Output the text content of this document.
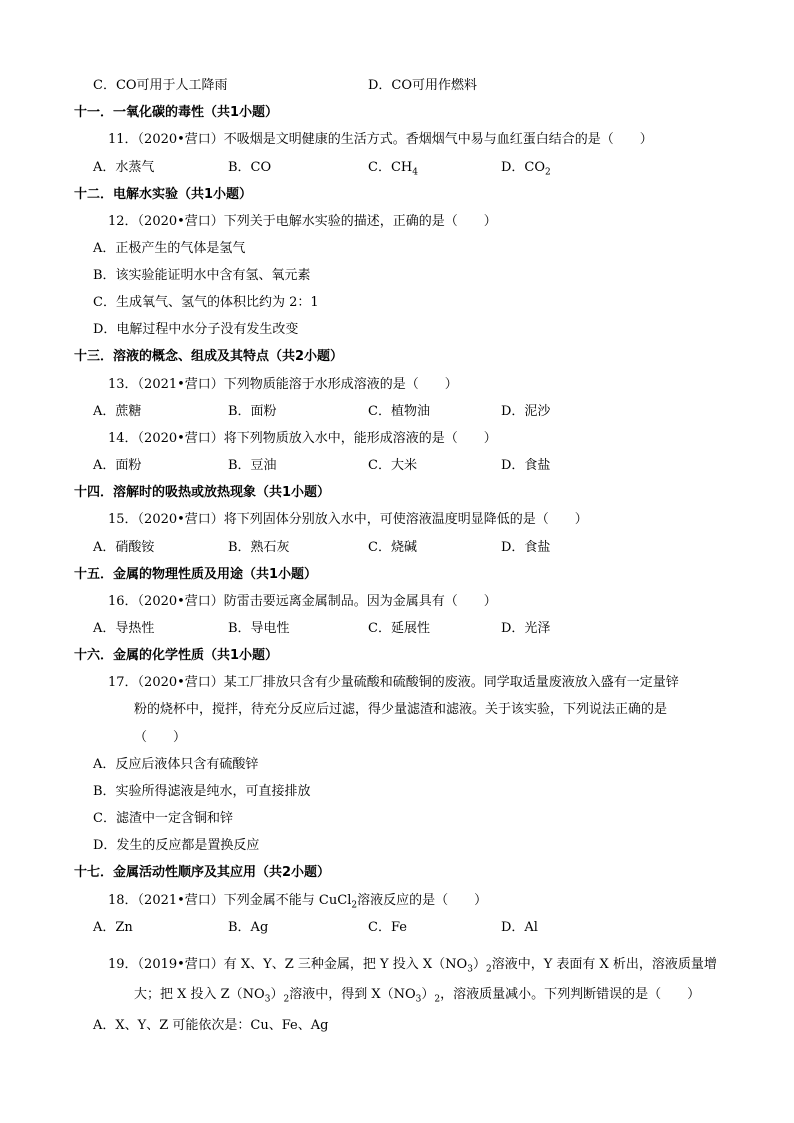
C．CO可用于人工降雨	D．CO可用作燃料
十一．一氧化碳的毒性（共1小题）
11．（2020•营口）不吸烟是文明健康的生活方式。香烟烟气中易与血红蛋白结合的是（　　）
A．水蒸气	B．CO	C．$CH_4$	D．$CO_2$
十二．电解水实验（共1小题）
12．（2020•营口）下列关于电解水实验的描述，正确的是（　　）
A．正极产生的气体是氢气
B．该实验能证明水中含有氢、氧元素
C．生成氧气、氢气的体积比约为 2：1
D．电解过程中水分子没有发生改变
十三．溶液的概念、组成及其特点（共2小题）
13．（2021•营口）下列物质能溶于水形成溶液的是（　　）
A．蔗糖	B．面粉	C．植物油	D．泥沙
14．（2020•营口）将下列物质放入水中，能形成溶液的是（　　）
A．面粉	B．豆油	C．大米	D．食盐
十四．溶解时的吸热或放热现象（共1小题）
15．（2020•营口）将下列固体分别放入水中，可使溶液温度明显降低的是（　　）
A．硝酸铵	B．熟石灰	C．烧碱	D．食盐
十五．金属的物理性质及用途（共1小题）
16．（2020•营口）防雷击要远离金属制品。因为金属具有（　　）
A．导热性	B．导电性	C．延展性	D．光泽
十六．金属的化学性质（共1小题）
17．（2020•营口）某工厂排放只含有少量硫酸和硫酸铜的废液。同学取适量废液放入盛有一定量锌
粉的烧杯中，搅拌，待充分反应后过滤，得少量滤渣和滤液。关于该实验，下列说法正确的是
（　　）
A．反应后液体只含有硫酸锌
B．实验所得滤液是纯水，可直接排放
C．滤渣中一定含铜和锌
D．发生的反应都是置换反应
十七．金属活动性顺序及其应用（共2小题）
18．（2021•营口）下列金属不能与 CuCl$_2$溶液反应的是（　　）
A．Zn	B．Ag	C．Fe	D．Al
19．（2019•营口）有 X、Y、Z 三种金属，把 Y 投入 $X(NO_3)_2$溶液中，Y 表面有 X 析出，溶液质量增
大；把 X 投入 $Z(NO_3)_2$溶液中，得到 $X(NO_3)_2$，溶液质量减小。下列判断错误的是（　　）
A．X、Y、Z 可能依次是：Cu、Fe、Ag
